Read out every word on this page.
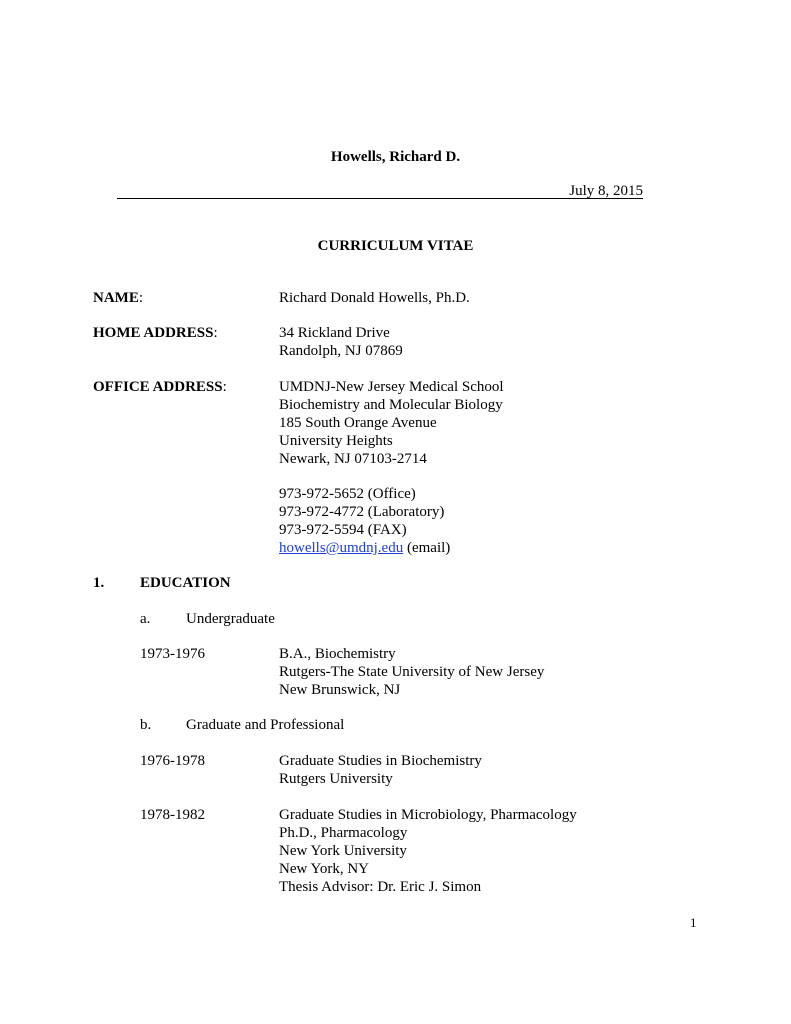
Howells, Richard D.
July 8, 2015
CURRICULUM VITAE
NAME:	Richard Donald Howells, Ph.D.
HOME ADDRESS:	34 Rickland Drive
Randolph, NJ 07869
OFFICE ADDRESS:	UMDNJ-New Jersey Medical School
Biochemistry and Molecular Biology
185 South Orange Avenue
University Heights
Newark, NJ 07103-2714
973-972-5652 (Office)
973-972-4772 (Laboratory)
973-972-5594 (FAX)
howells@umdnj.edu (email)
1. EDUCATION
a. Undergraduate
1973-1976	B.A., Biochemistry
Rutgers-The State University of New Jersey
New Brunswick, NJ
b. Graduate and Professional
1976-1978	Graduate Studies in Biochemistry
Rutgers University
1978-1982	Graduate Studies in Microbiology, Pharmacology
Ph.D., Pharmacology
New York University
New York, NY
Thesis Advisor: Dr. Eric J. Simon
1
